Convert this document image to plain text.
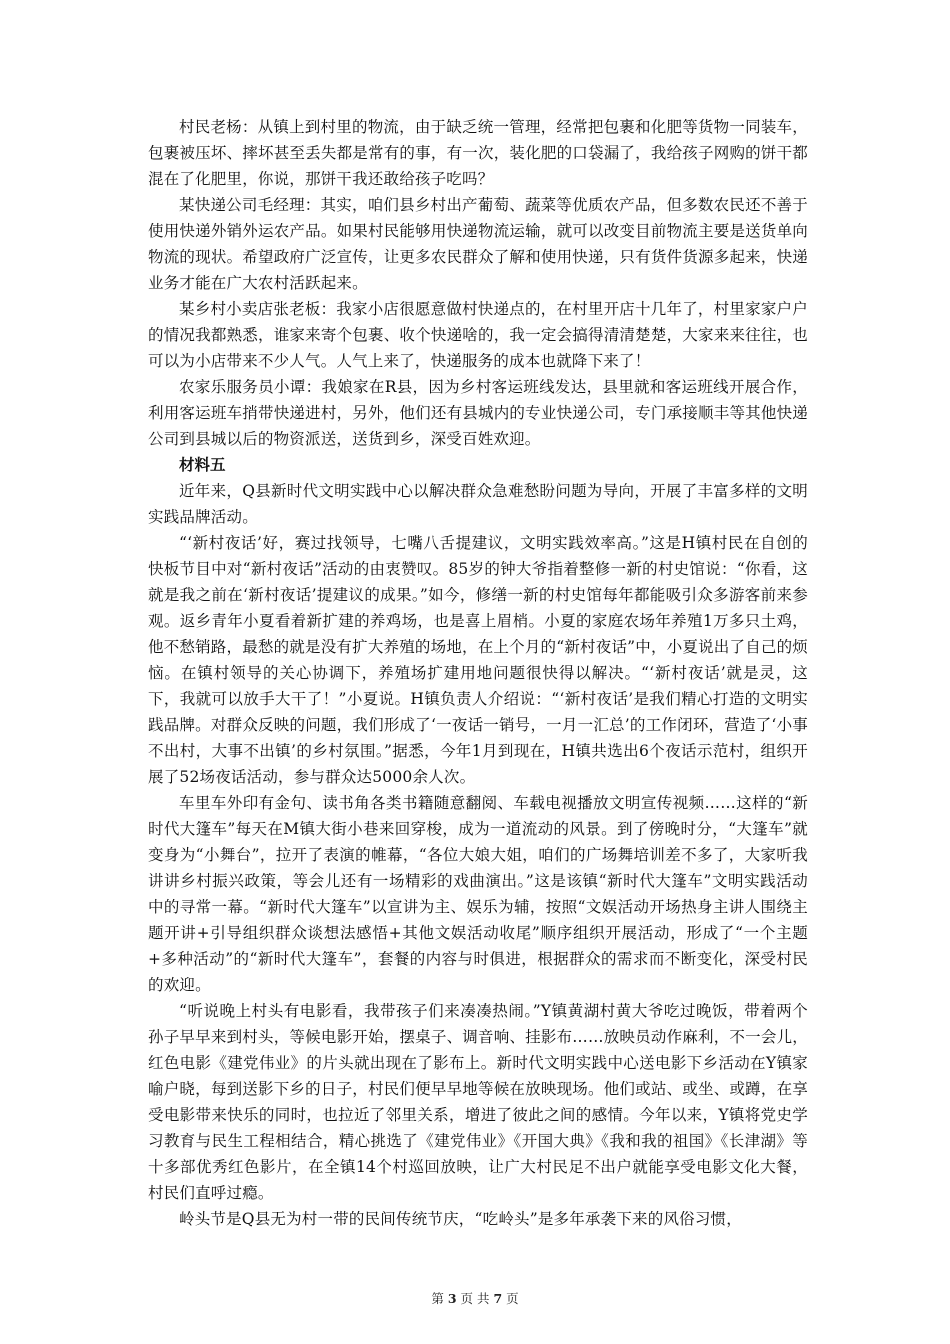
村民老杨：从镇上到村里的物流，由于缺乏统一管理，经常把包裹和化肥等货物一同装车，包裹被压坏、摔坏甚至丢失都是常有的事，有一次，装化肥的口袋漏了，我给孩子网购的饼干都混在了化肥里，你说，那饼干我还敢给孩子吃吗？

某快递公司毛经理：其实，咱们县乡村出产葡萄、蔬菜等优质农产品，但多数农民还不善于使用快递外销外运农产品。如果村民能够用快递物流运输，就可以改变目前物流主要是送货单向物流的现状。希望政府广泛宣传，让更多农民群众了解和使用快递，只有货件货源多起来，快递业务才能在广大农村活跃起来。

某乡村小卖店张老板：我家小店很愿意做村快递点的，在村里开店十几年了，村里家家户户的情况我都熟悉，谁家来寄个包裹、收个快递啥的，我一定会搞得清清楚楚，大家来来往往，也可以为小店带来不少人气。人气上来了，快递服务的成本也就降下来了！

农家乐服务员小谭：我娘家在R县，因为乡村客运班线发达，县里就和客运班线开展合作，利用客运班车捎带快递进村，另外，他们还有县城内的专业快递公司，专门承接顺丰等其他快递公司到县城以后的物资派送，送货到乡，深受百姓欢迎。

材料五

近年来，Q县新时代文明实践中心以解决群众急难愁盼问题为导向，开展了丰富多样的文明实践品牌活动。

“‘新村夜话’好，赛过找领导，七嘴八舌提建议，文明实践效率高。”这是H镇村民在自创的快板节目中对“新村夜话”活动的由衷赞叹。85岁的钟大爷指着整修一新的村史馆说：“你看，这就是我之前在‘新村夜话’提建议的成果。”如今，修缮一新的村史馆每年都能吸引众多游客前来参观。返乡青年小夏看着新扩建的养鸡场，也是喜上眉梢。小夏的家庭农场年养殖1万多只土鸡，他不愁销路，最愁的就是没有扩大养殖的场地，在上个月的“新村夜话”中，小夏说出了自己的烦恼。在镇村领导的关心协调下，养殖场扩建用地问题很快得以解决。“‘新村夜话’就是灵，这下，我就可以放手大干了！”小夏说。H镇负责人介绍说：“‘新村夜话’是我们精心打造的文明实践品牌。对群众反映的问题，我们形成了‘一夜话一销号，一月一汇总’的工作闭环，营造了‘小事不出村，大事不出镇’的乡村氛围。”据悉，今年1月到现在，H镇共选出6个夜话示范村，组织开展了52场夜话活动，参与群众达5000余人次。

车里车外印有金句、读书角各类书籍随意翻阅、车载电视播放文明宣传视频……这样的“新时代大篷车”每天在M镇大街小巷来回穿梭，成为一道流动的风景。到了傍晚时分，“大篷车”就变身为“小舞台”，拉开了表演的帷幕，“各位大娘大姐，咱们的广场舞培训差不多了，大家听我讲讲乡村振兴政策，等会儿还有一场精彩的戏曲演出。”这是该镇“新时代大篷车”文明实践活动中的寻常一幕。“新时代大篷车”以宣讲为主、娱乐为辅，按照“文娱活动开场热身主讲人围绕主题开讲+引导组织群众谈想法感悟+其他文娱活动收尾”顺序组织开展活动，形成了“一个主题+多种活动”的“新时代大篷车”，套餐的内容与时俱进，根据群众的需求而不断变化，深受村民的欢迎。

“听说晚上村头有电影看，我带孩子们来凑凑热闹。”Y镇黄湖村黄大爷吃过晚饭，带着两个孙子早早来到村头，等候电影开始，摆桌子、调音响、挂影布……放映员动作麻利，不一会儿，红色电影《建党伟业》的片头就出现在了影布上。新时代文明实践中心送电影下乡活动在Y镇家喻户晓，每到送影下乡的日子，村民们便早早地等候在放映现场。他们或站、或坐、或蹲，在享受电影带来快乐的同时，也拉近了邻里关系，增进了彼此之间的感情。今年以来，Y镇将党史学习教育与民生工程相结合，精心挑选了《建党伟业》《开国大典》《我和我的祖国》《长津湖》等十多部优秀红色影片，在全镇14个村巡回放映，让广大村民足不出户就能享受电影文化大餐，村民们直呼过瘾。

岭头节是Q县无为村一带的民间传统节庆，“吃岭头”是多年承袭下来的风俗习惯，

第 3 页 共 7 页
